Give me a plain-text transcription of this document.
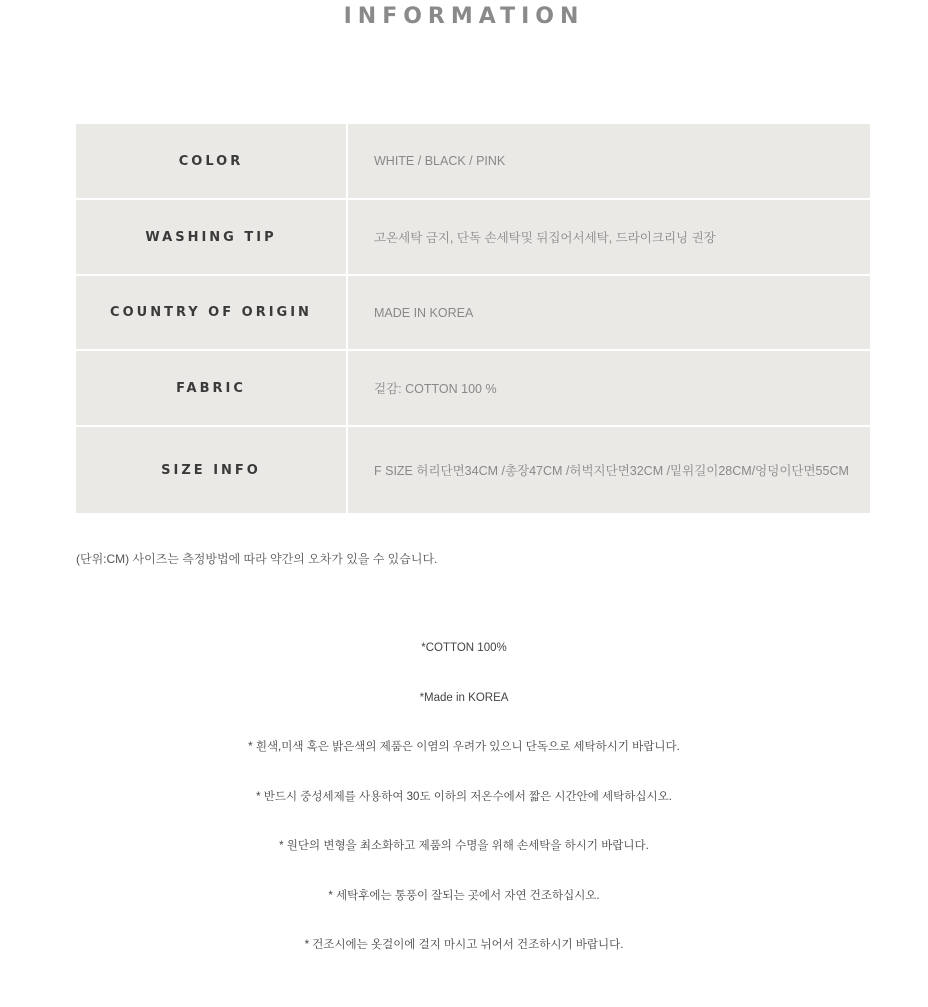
INFORMATION
COLOR	WHITE / BLACK / PINK
WASHING TIP	고온세탁 금지, 단독 손세탁및 뒤집어서세탁, 드라이크리닝 권장
COUNTRY OF ORIGIN	MADE IN KOREA
FABRIC	겉감: COTTON 100 %
SIZE INFO	F SIZE 허리단면34CM /총장47CM /허벅지단면32CM /밑위길이28CM/엉덩이단면55CM
(단위:CM) 사이즈는 측정방법에 따라 약간의 오차가 있을 수 있습니다.
*COTTON 100%
*Made in KOREA
* 흰색,미색 혹은 밝은색의 제품은 이염의 우려가 있으니 단독으로 세탁하시기 바랍니다.
* 반드시 중성세제를 사용하여 30도 이하의 저온수에서 짧은 시간안에 세탁하십시오.
* 원단의 변형을 최소화하고 제품의 수명을 위해 손세탁을 하시기 바랍니다.
* 세탁후에는 통풍이 잘되는 곳에서 자연 건조하십시오.
* 건조시에는 옷걸이에 걸지 마시고 뉘어서 건조하시기 바랍니다.
